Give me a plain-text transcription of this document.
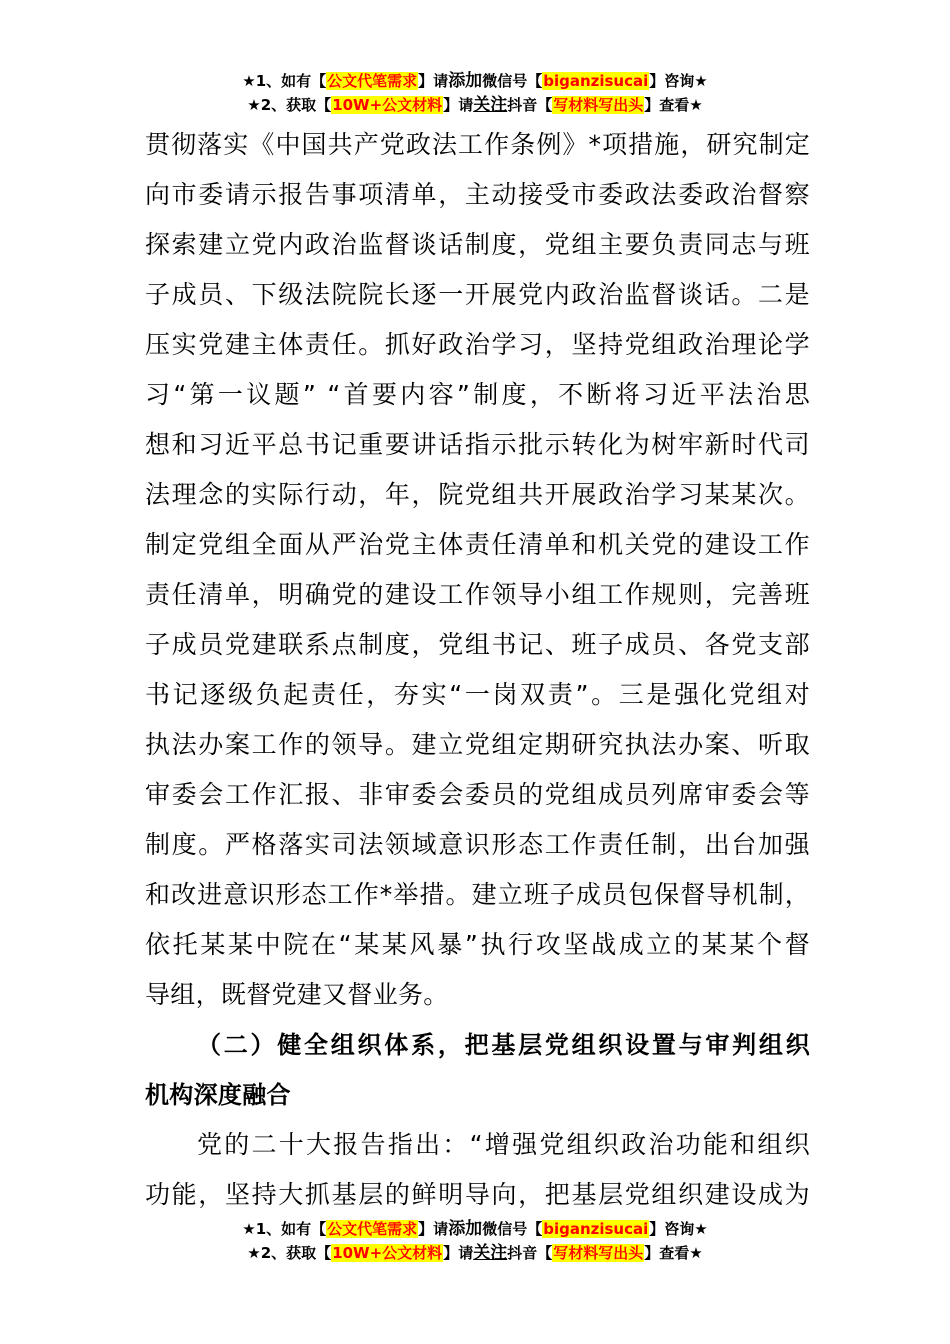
★1、如有【公文代笔需求】请添加微信号【biganzisucai】咨询★
★2、获取【10W+公文材料】请关注抖音【写材料写出头】查看★
贯彻落实《中国共产党政法工作条例》*项措施，研究制定
向市委请示报告事项清单，主动接受市委政法委政治督察
探索建立党内政治监督谈话制度，党组主要负责同志与班
子成员、下级法院院长逐一开展党内政治监督谈话。二是
压实党建主体责任。抓好政治学习，坚持党组政治理论学
习“第一议题” “首要内容”制度，不断将习近平法治思
想和习近平总书记重要讲话指示批示转化为树牢新时代司
法理念的实际行动，年，院党组共开展政治学习某某次。
制定党组全面从严治党主体责任清单和机关党的建设工作
责任清单，明确党的建设工作领导小组工作规则，完善班
子成员党建联系点制度，党组书记、班子成员、各党支部
书记逐级负起责任，夯实“一岗双责”。三是强化党组对
执法办案工作的领导。建立党组定期研究执法办案、听取
审委会工作汇报、非审委会委员的党组成员列席审委会等
制度。严格落实司法领域意识形态工作责任制，出台加强
和改进意识形态工作*举措。建立班子成员包保督导机制，
依托某某中院在“某某风暴”执行攻坚战成立的某某个督
导组，既督党建又督业务。
（二）健全组织体系，把基层党组织设置与审判组织
机构深度融合
党的二十大报告指出：“增强党组织政治功能和组织
功能，坚持大抓基层的鲜明导向，把基层党组织建设成为
★1、如有【公文代笔需求】请添加微信号【biganzisucai】咨询★
★2、获取【10W+公文材料】请关注抖音【写材料写出头】查看★
